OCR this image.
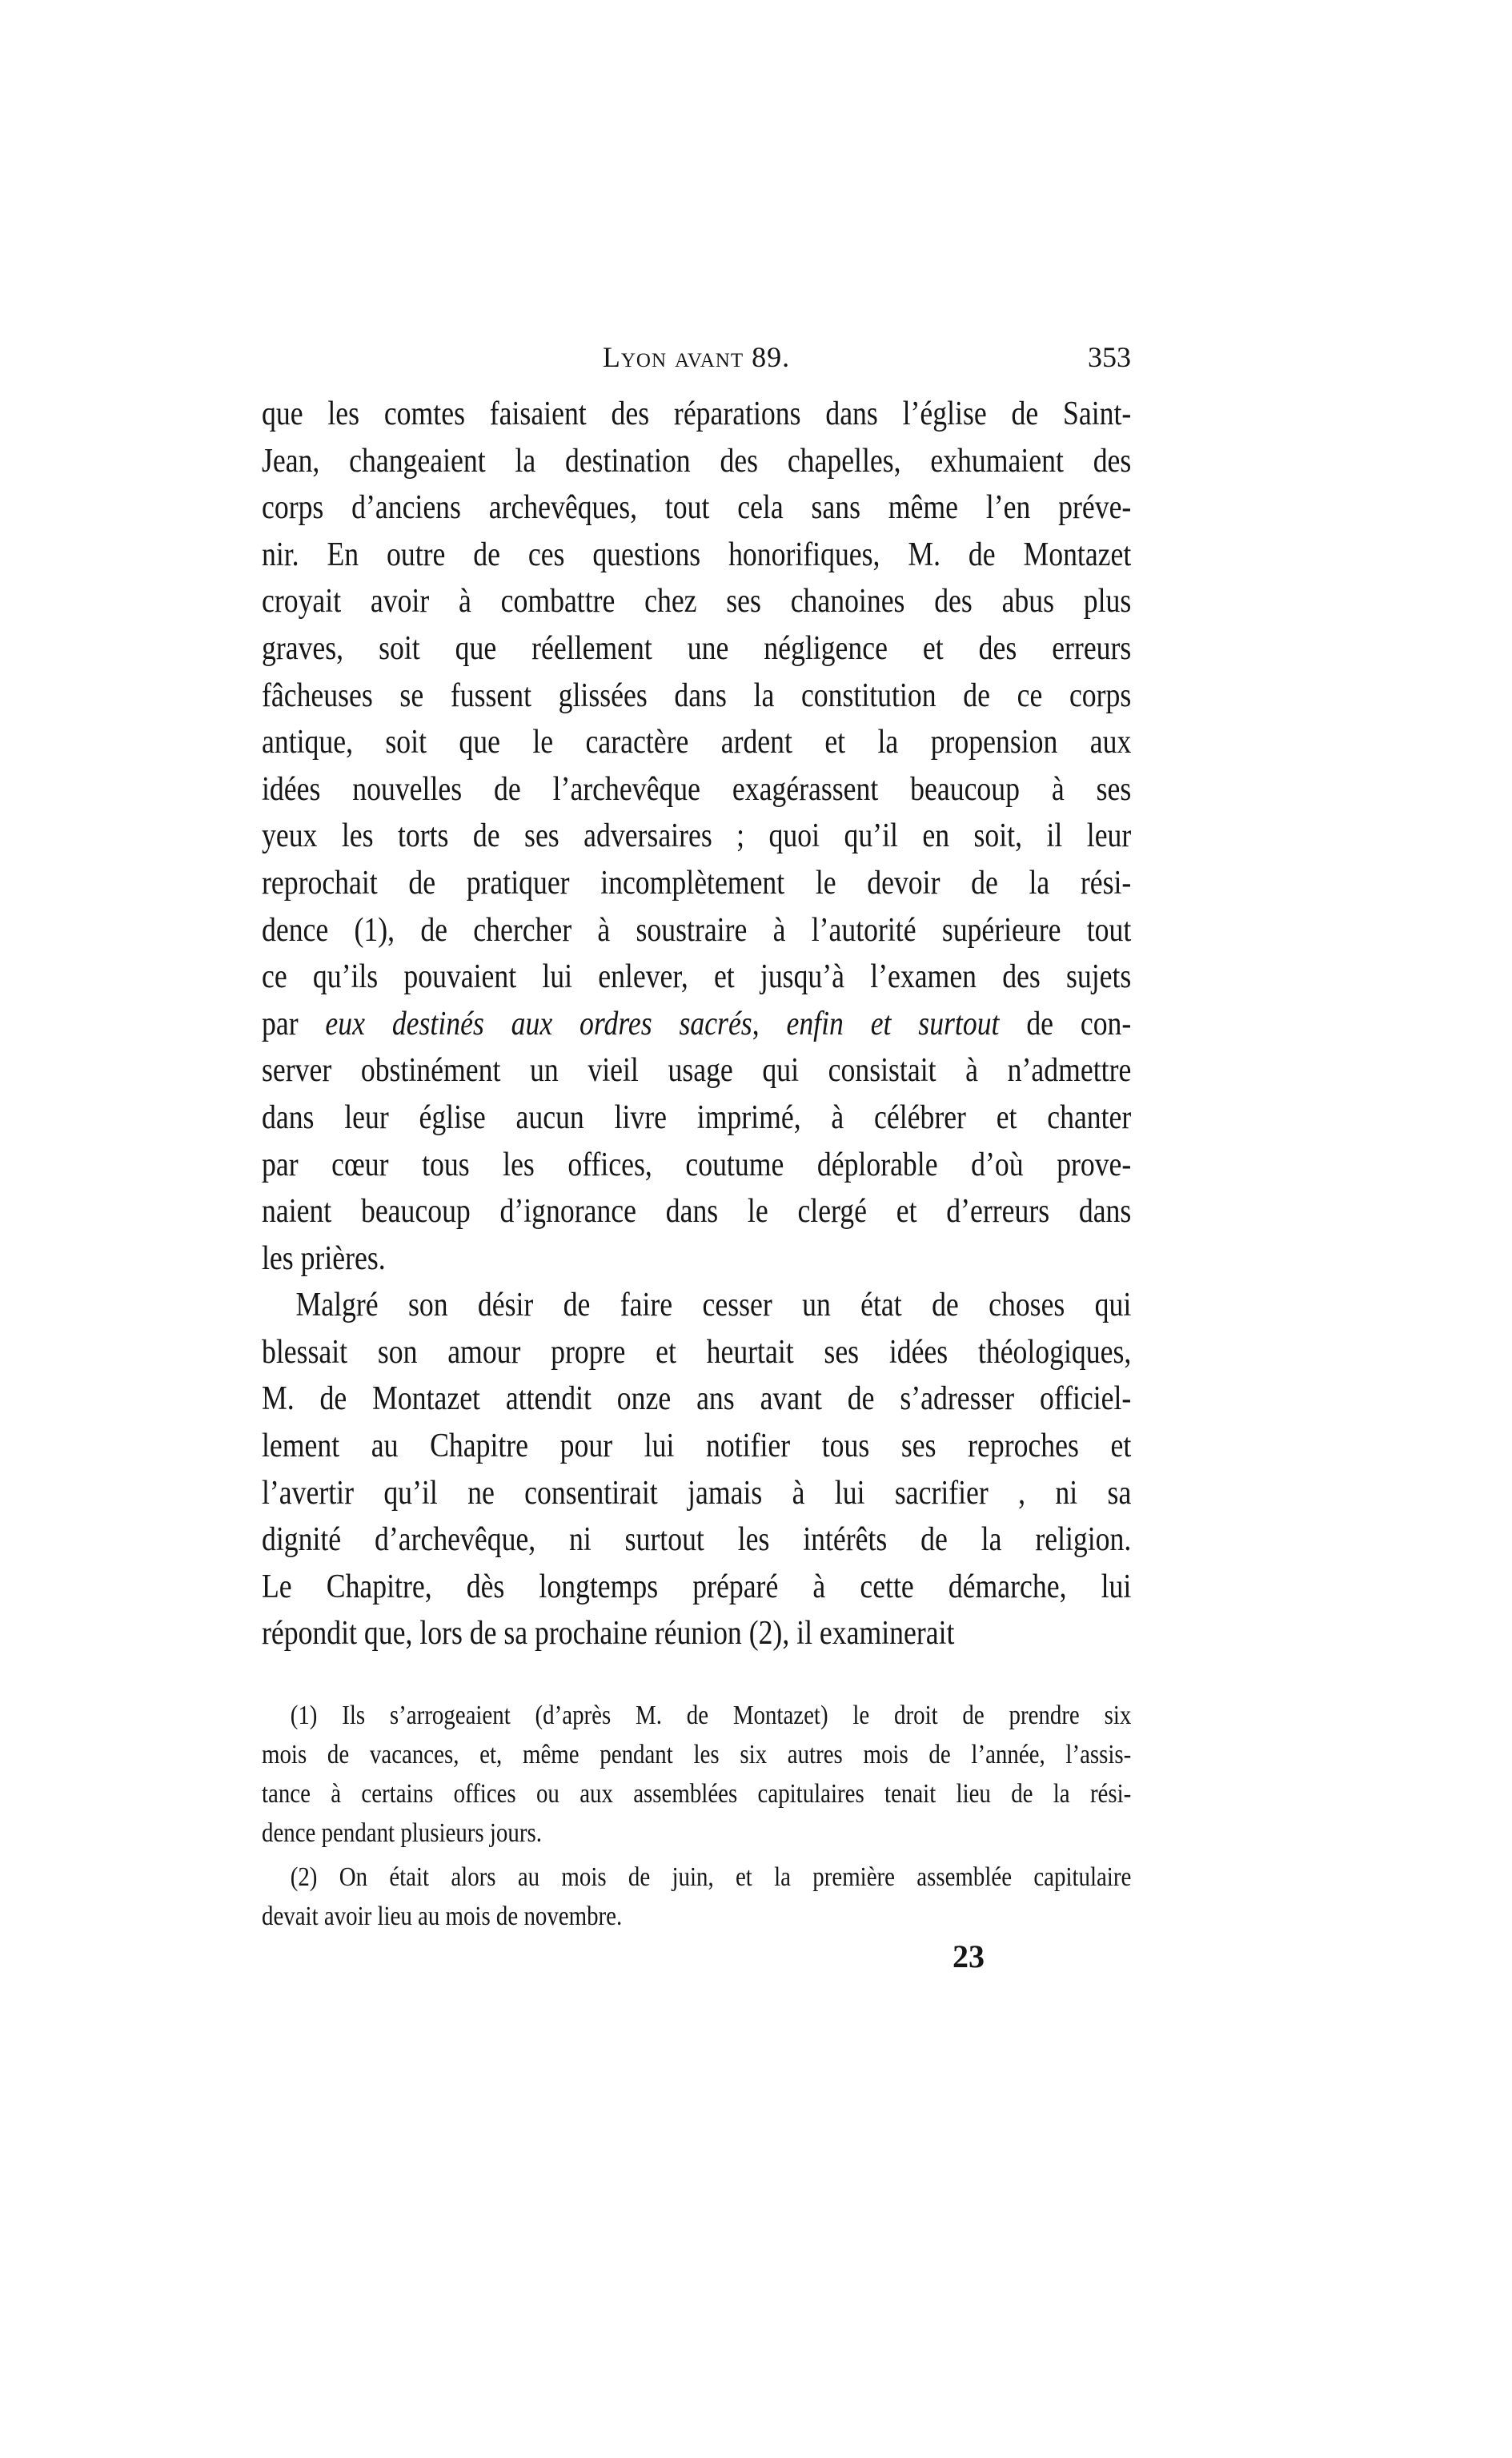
Lyon avant 89.	353
que les comtes faisaient des réparations dans l’église de Saint-
Jean, changeaient la destination des chapelles, exhumaient des
corps d’anciens archevêques, tout cela sans même l’en préve-
nir. En outre de ces questions honorifiques, M. de Montazet
croyait avoir à combattre chez ses chanoines des abus plus
graves, soit que réellement une négligence et des erreurs
fâcheuses se fussent glissées dans la constitution de ce corps
antique, soit que le caractère ardent et la propension aux
idées nouvelles de l’archevêque exagérassent beaucoup à ses
yeux les torts de ses adversaires ; quoi qu’il en soit, il leur
reprochait de pratiquer incomplètement le devoir de la rési-
dence (1), de chercher à soustraire à l’autorité supérieure tout
ce qu’ils pouvaient lui enlever, et jusqu’à l’examen des sujets
par eux destinés aux ordres sacrés, enfin et surtout de con-
server obstinément un vieil usage qui consistait à n’admettre
dans leur église aucun livre imprimé, à célébrer et chanter
par cœur tous les offices, coutume déplorable d’où prove-
naient beaucoup d’ignorance dans le clergé et d’erreurs dans
les prières.
Malgré son désir de faire cesser un état de choses qui
blessait son amour propre et heurtait ses idées théologiques,
M. de Montazet attendit onze ans avant de s’adresser officiel-
lement au Chapitre pour lui notifier tous ses reproches et
l’avertir qu’il ne consentirait jamais à lui sacrifier , ni sa
dignité d’archevêque, ni surtout les intérêts de la religion.
Le Chapitre, dès longtemps préparé à cette démarche, lui
répondit que, lors de sa prochaine réunion (2), il examinerait
(1) Ils s’arrogeaient (d’après M. de Montazet) le droit de prendre six
mois de vacances, et, même pendant les six autres mois de l’année, l’assis-
tance à certains offices ou aux assemblées capitulaires tenait lieu de la rési-
dence pendant plusieurs jours.
(2) On était alors au mois de juin, et la première assemblée capitulaire
devait avoir lieu au mois de novembre.
23
